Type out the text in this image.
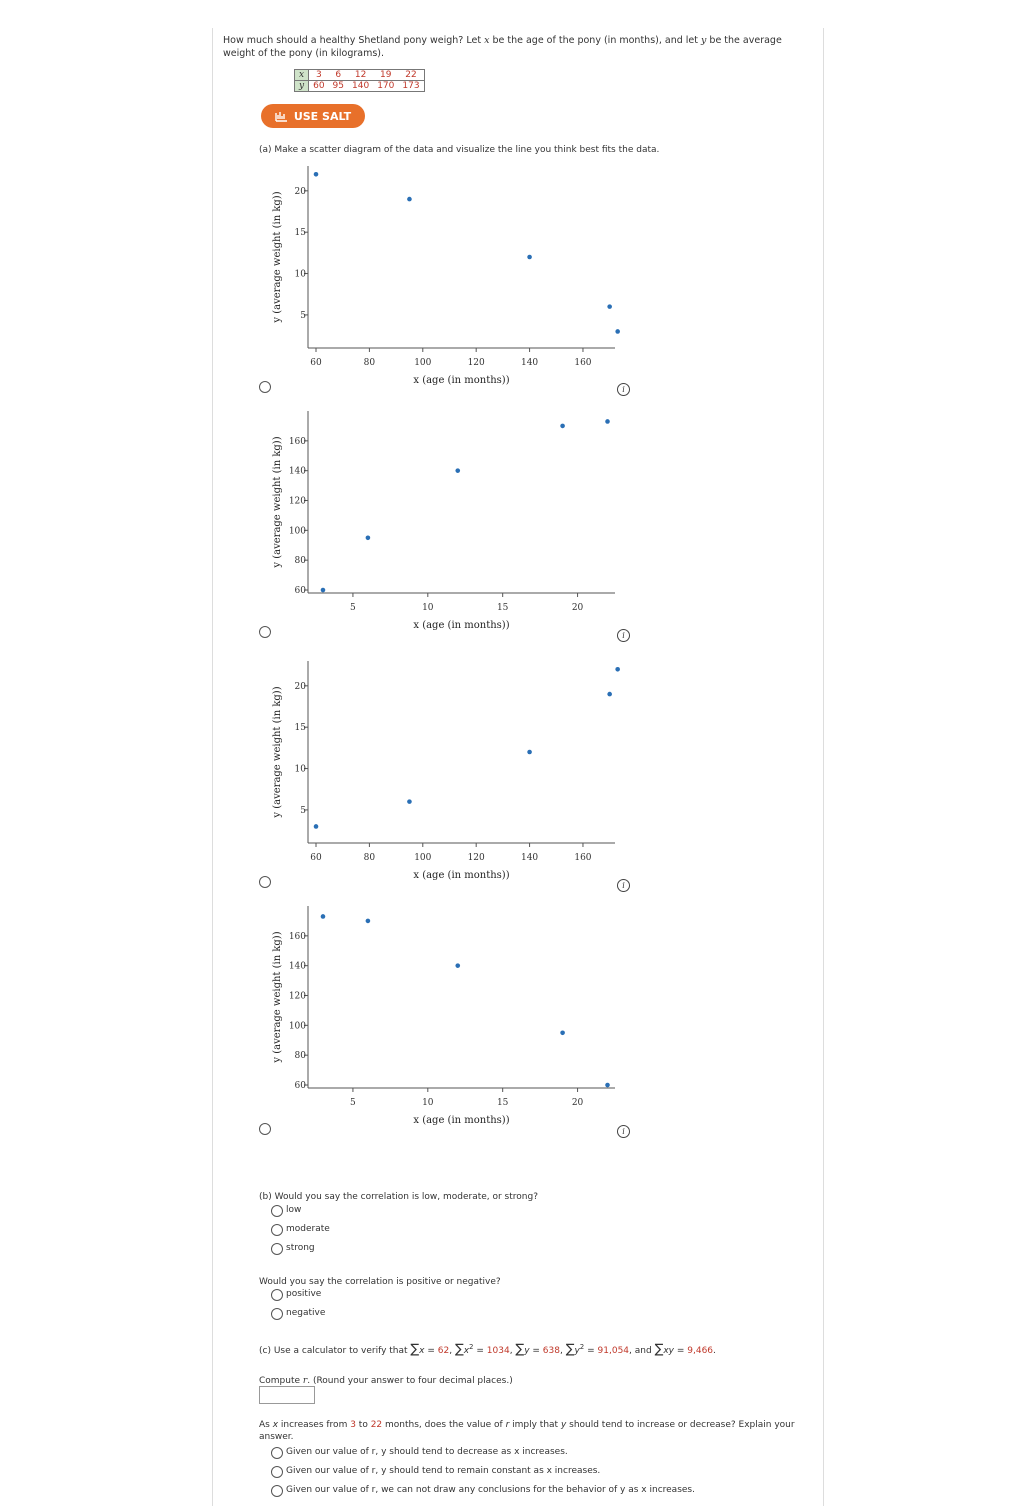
How much should a healthy Shetland pony weigh? Let x be the age of the pony (in months), and let y be the average weight of the pony (in kilograms).
x	3	6	12	19	22
y	60	95	140	170	173
USE SALT
(a) Make a scatter diagram of the data and visualize the line you think best fits the data.
60	80	100	120	140	160
5
10
15
20
x (age (in months))
y (average weight (in kg))
5	10	15	20
60
80
100
120
140
160
x (age (in months))
y (average weight (in kg))
60	80	100	120	140	160
5
10
15
20
x (age (in months))
y (average weight (in kg))
5	10	15	20
60
80
100
120
140
160
x (age (in months))
y (average weight (in kg))
i
i
i
i
(b) Would you say the correlation is low, moderate, or strong?
low
moderate
strong
Would you say the correlation is positive or negative?
positive
negative
(c) Use a calculator to verify that ∑x = 62, $\sum x^2 = 1034$, ∑y = 638, $\sum y^2 = 91,054$, and ∑xy = 9,466.
Compute r. (Round your answer to four decimal places.)
As x increases from 3 to 22 months, does the value of r imply that y should tend to increase or decrease? Explain your answer.
Given our value of r, y should tend to decrease as x increases.
Given our value of r, y should tend to remain constant as x increases.
Given our value of r, we can not draw any conclusions for the behavior of y as x increases.
